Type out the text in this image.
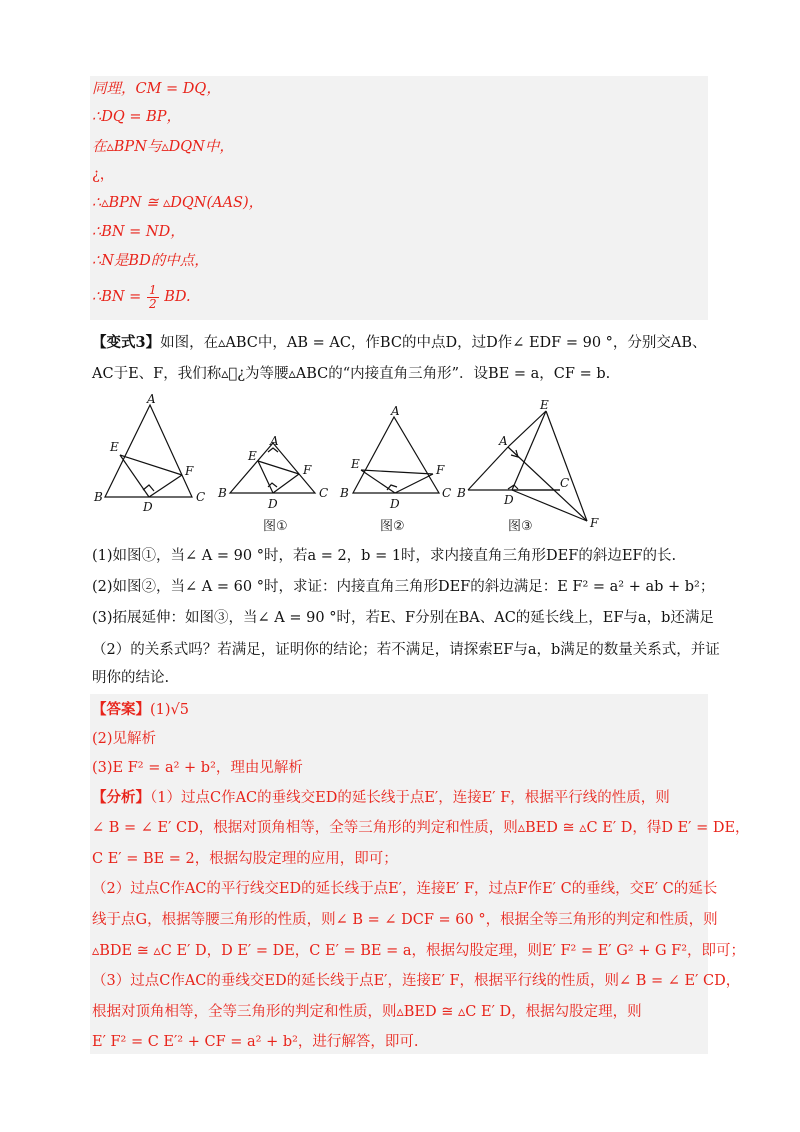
同理，CM = DQ，
∴DQ = BP，
在▵BPN与▵DQN中，
¿，
∴▵BPN ≅ ▵DQN(AAS)，
∴BN = ND，
∴N是BD的中点，
∴BN = $\frac{1}{2}$ BD.
【变式3】如图，在▵ABC中，AB = AC，作BC的中点D，过D作∠ EDF = 90 °，分别交AB、
AC于E、F，我们称▵ᷣ¿为等腰▵ABC的“内接直角三角形”．设BE = a，CF = b.
A
B	C
D
E
F
A
B	C
D
E
F
A
B	C
D
E	F
E
A
B
C
D
F
图①	图②	图③
(1)如图①，当∠ A = 90 °时，若a = 2，b = 1时，求内接直角三角形DEF的斜边EF的长.
(2)如图②，当∠ A = 60 °时，求证：内接直角三角形DEF的斜边满足：E F² = a² + ab + b²；
(3)拓展延伸：如图③，当∠ A = 90 °时，若E、F分别在BA、AC的延长线上，EF与a，b还满足
（2）的关系式吗？若满足，证明你的结论；若不满足，请探索EF与a，b满足的数量关系式，并证
明你的结论.
【答案】(1)√5
(2)见解析
(3)E F² = a² + b²，理由见解析
【分析】（1）过点C作AC的垂线交ED的延长线于点E′，连接E′ F，根据平行线的性质，则
∠ B = ∠ E′ CD，根据对顶角相等，全等三角形的判定和性质，则▵BED ≅ ▵C E′ D，得D E′ = DE，
C E′ = BE = 2，根据勾股定理的应用，即可；
（2）过点C作AC的平行线交ED的延长线于点E′，连接E′ F，过点F作E′ C的垂线，交E′ C的延长
线于点G，根据等腰三角形的性质，则∠ B = ∠ DCF = 60 °，根据全等三角形的判定和性质，则
▵BDE ≅ ▵C E′ D，D E′ = DE，C E′ = BE = a，根据勾股定理，则E′ F² = E′ G² + G F²，即可；
（3）过点C作AC的垂线交ED的延长线于点E′，连接E′ F，根据平行线的性质，则∠ B = ∠ E′ CD，
根据对顶角相等，全等三角形的判定和性质，则▵BED ≅ ▵C E′ D，根据勾股定理，则
E′ F² = C E′² + CF = a² + b²，进行解答，即可.
